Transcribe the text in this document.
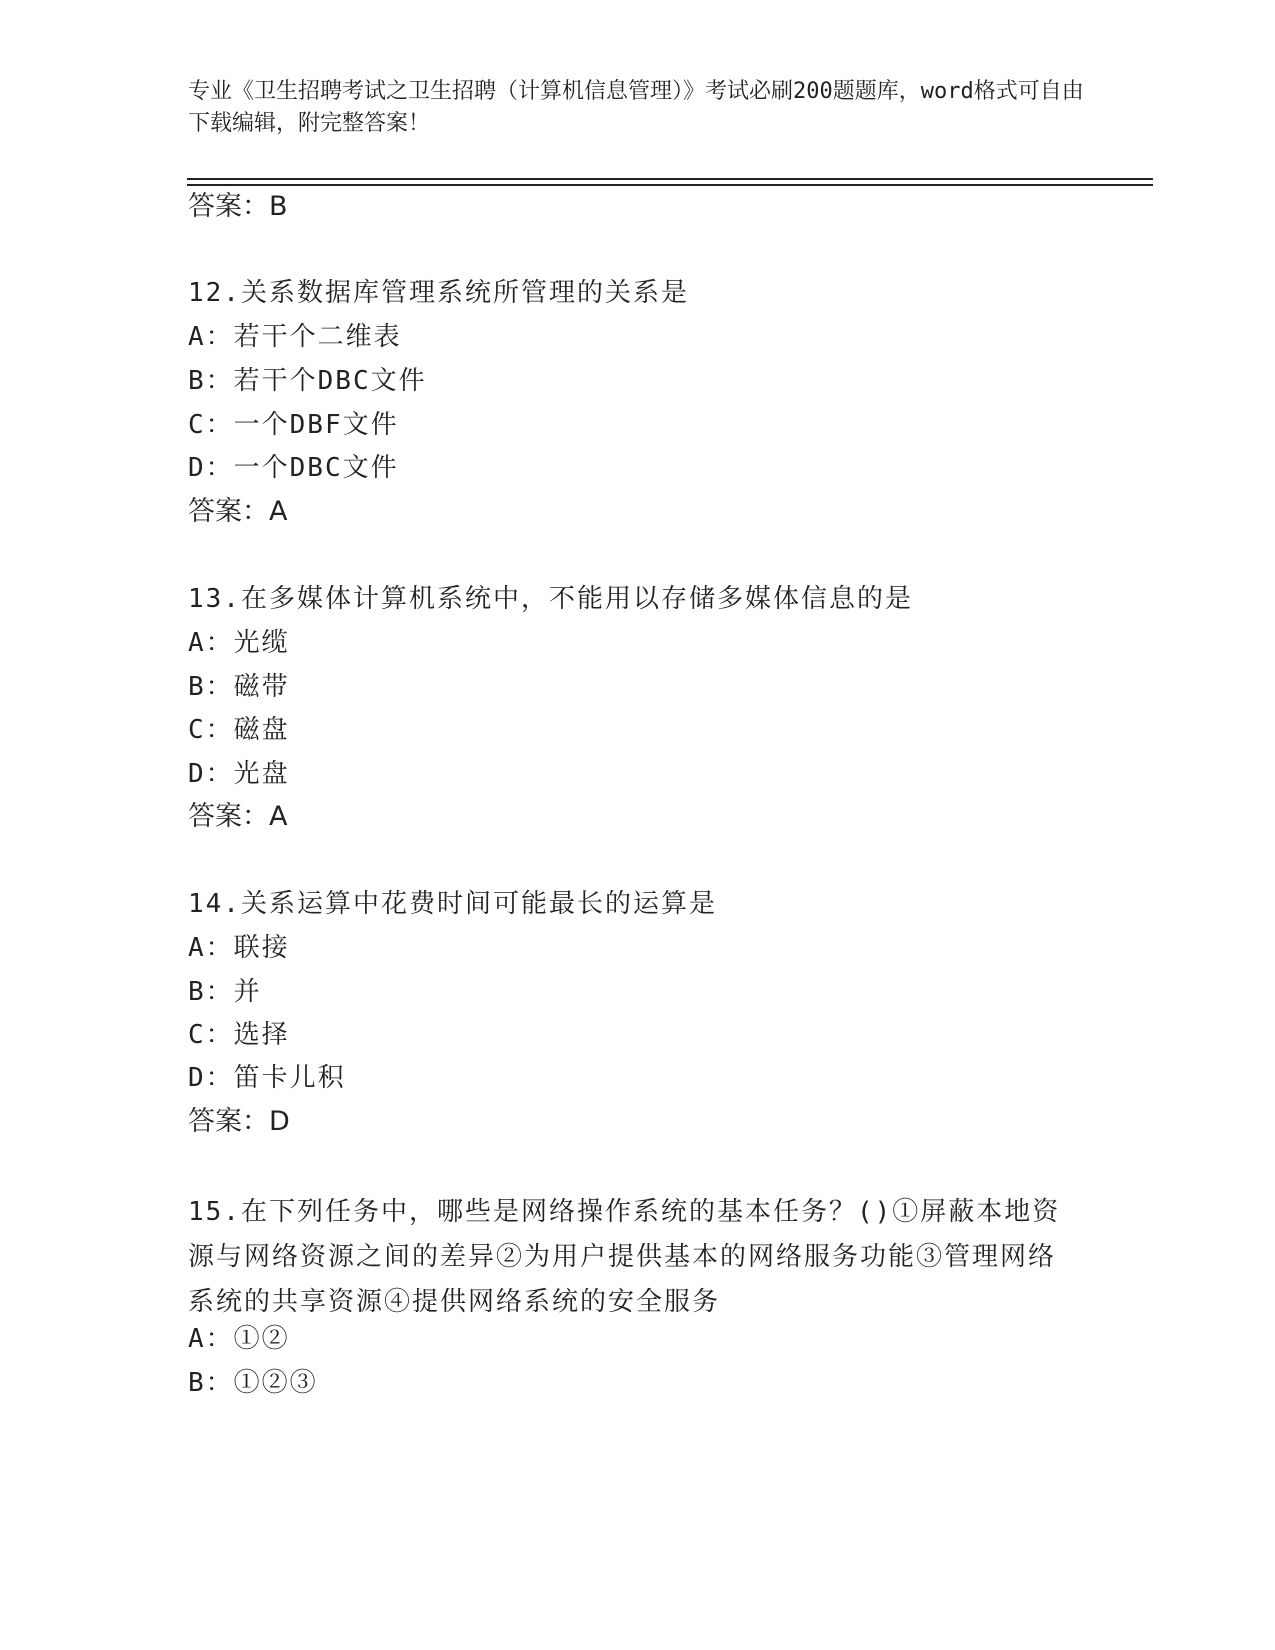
专业《卫生招聘考试之卫生招聘（计算机信息管理）》考试必刷200题题库，word格式可自由下载编辑，附完整答案！
答案：B
12.关系数据库管理系统所管理的关系是
A：若干个二维表
B：若干个DBC文件
C：一个DBF文件
D：一个DBC文件
答案：A
13.在多媒体计算机系统中，不能用以存储多媒体信息的是
A：光缆
B：磁带
C：磁盘
D：光盘
答案：A
14.关系运算中花费时间可能最长的运算是
A：联接
B：并
C：选择
D：笛卡儿积
答案：D
15.在下列任务中，哪些是网络操作系统的基本任务？()①屏蔽本地资源与网络资源之间的差异②为用户提供基本的网络服务功能③管理网络系统的共享资源④提供网络系统的安全服务
A：①②
B：①②③
